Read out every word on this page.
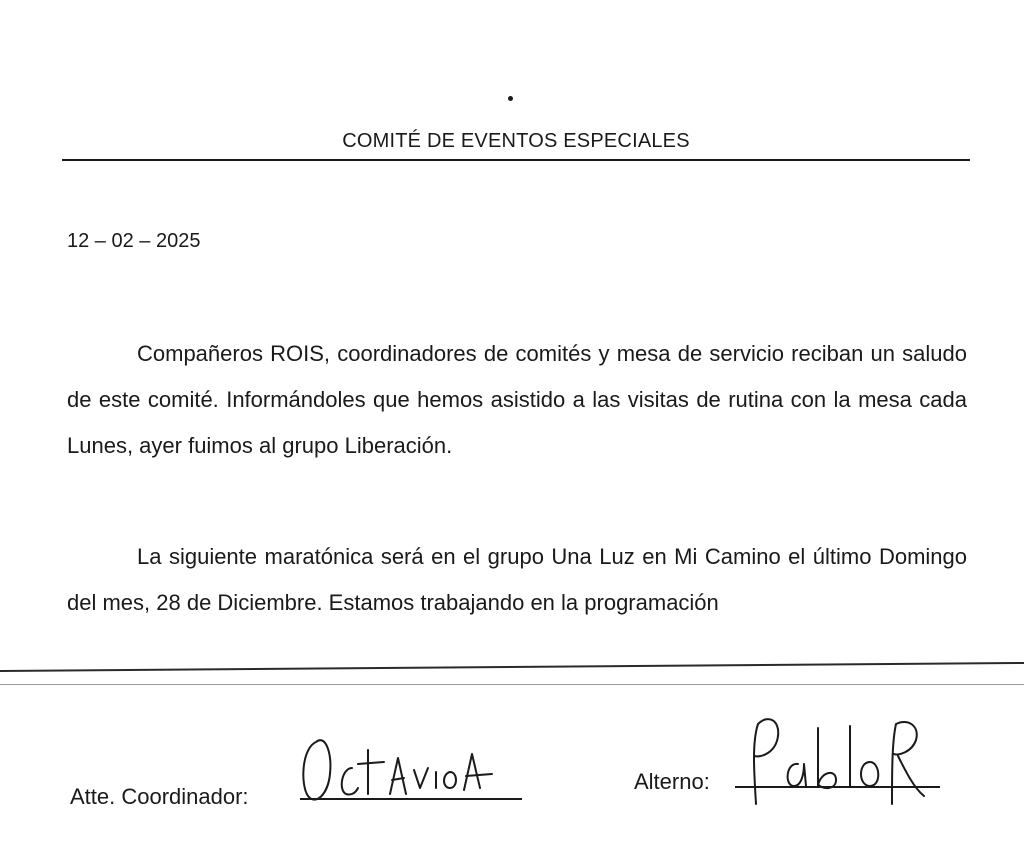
COMITÉ DE EVENTOS ESPECIALES
12 – 02 – 2025
Compañeros ROIS, coordinadores de comités y mesa de servicio reciban un saludo de este comité. Informándoles que hemos asistido a las visitas de rutina con la mesa cada Lunes, ayer fuimos al grupo Liberación.
La siguiente maratónica será en el grupo Una Luz en Mi Camino el último Domingo del mes, 28 de Diciembre. Estamos trabajando en la programación
Atte. Coordinador:
Alterno:
